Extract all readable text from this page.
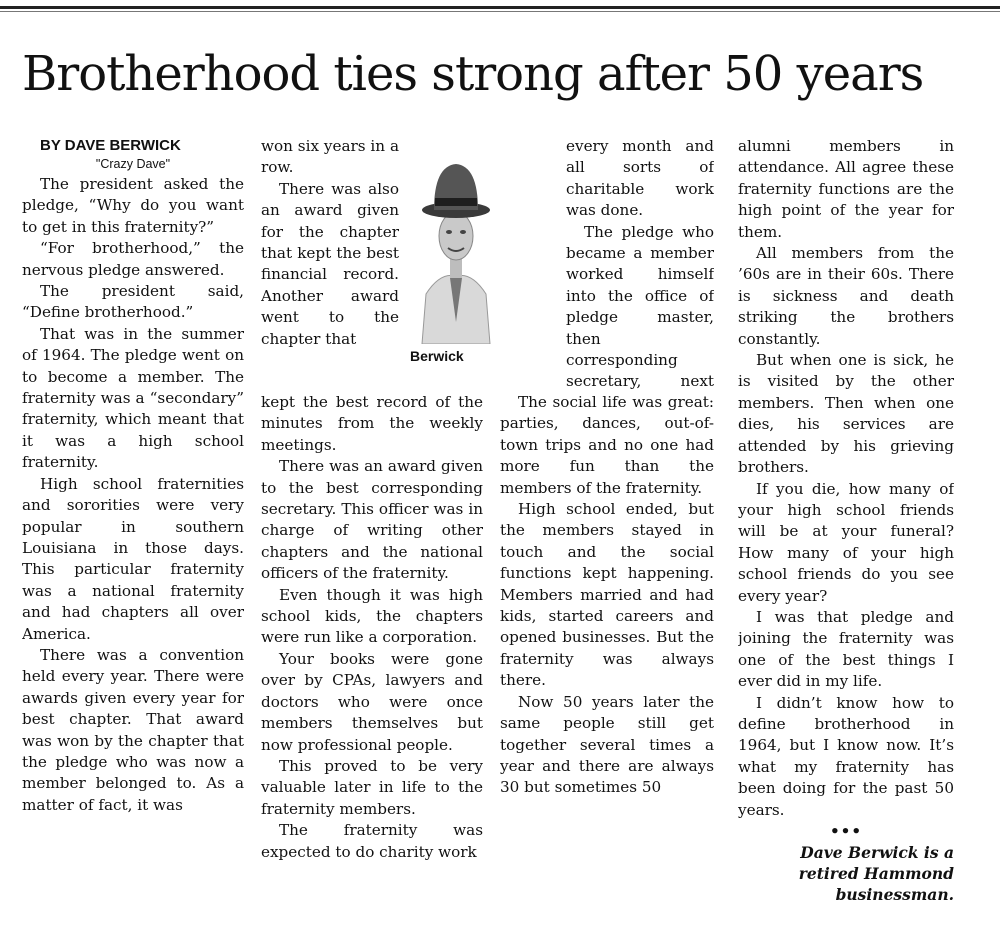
Brotherhood ties strong after 50 years

BY DAVE BERWICK

"Crazy Dave"

The president asked the pledge, “Why do you want to get in this fraternity?”

“For brotherhood,” the nervous pledge answered.

The president said, “Define brotherhood.”

That was in the summer of 1964. The pledge went on to become a member. The fraternity was a “secondary” fraternity, which meant that it was a high school fraternity.

High school fraternities and sororities were very popular in southern Louisiana in those days. This particular fraternity was a national fraternity and had chapters all over America.

There was a convention held every year. There were awards given every year for best chapter. That award was won by the chapter that the pledge who was now a member belonged to. As a matter of fact, it was

won six years in a row.

There was also an award given for the chapter that kept the best financial record. Another award went to the chapter that

Berwick

kept the best record of the minutes from the weekly meetings.

There was an award given to the best corresponding secretary. This officer was in charge of writing other chapters and the national officers of the fraternity.

Even though it was high school kids, the chapters were run like a corporation.

Your books were gone over by CPAs, lawyers and doctors who were once members themselves but now professional people.

This proved to be very valuable later in life to the fraternity members.

The fraternity was expected to do charity work

every month and all sorts of charitable work was done.

The pledge who became a member worked himself into the office of pledge master, then corresponding secretary, next

The social life was great: parties, dances, out-of-town trips and no one had more fun than the members of the fraternity.

High school ended, but the members stayed in touch and the social functions kept happening. Members married and had kids, started careers and opened businesses. But the fraternity was always there.

Now 50 years later the same people still get together several times a year and there are always 30 but sometimes 50

alumni members in attendance. All agree these fraternity functions are the high point of the year for them.

All members from the ’60s are in their 60s. There is sickness and death striking the brothers constantly.

But when one is sick, he is visited by the other members. Then when one dies, his services are attended by his grieving brothers.

If you die, how many of your high school friends will be at your funeral? How many of your high school friends do you see every year?

I was that pledge and joining the fraternity was one of the best things I ever did in my life.

I didn’t know how to define brotherhood in 1964, but I know now. It’s what my fraternity has been doing for the past 50 years.

•••

Dave Berwick is a retired Hammond businessman.
